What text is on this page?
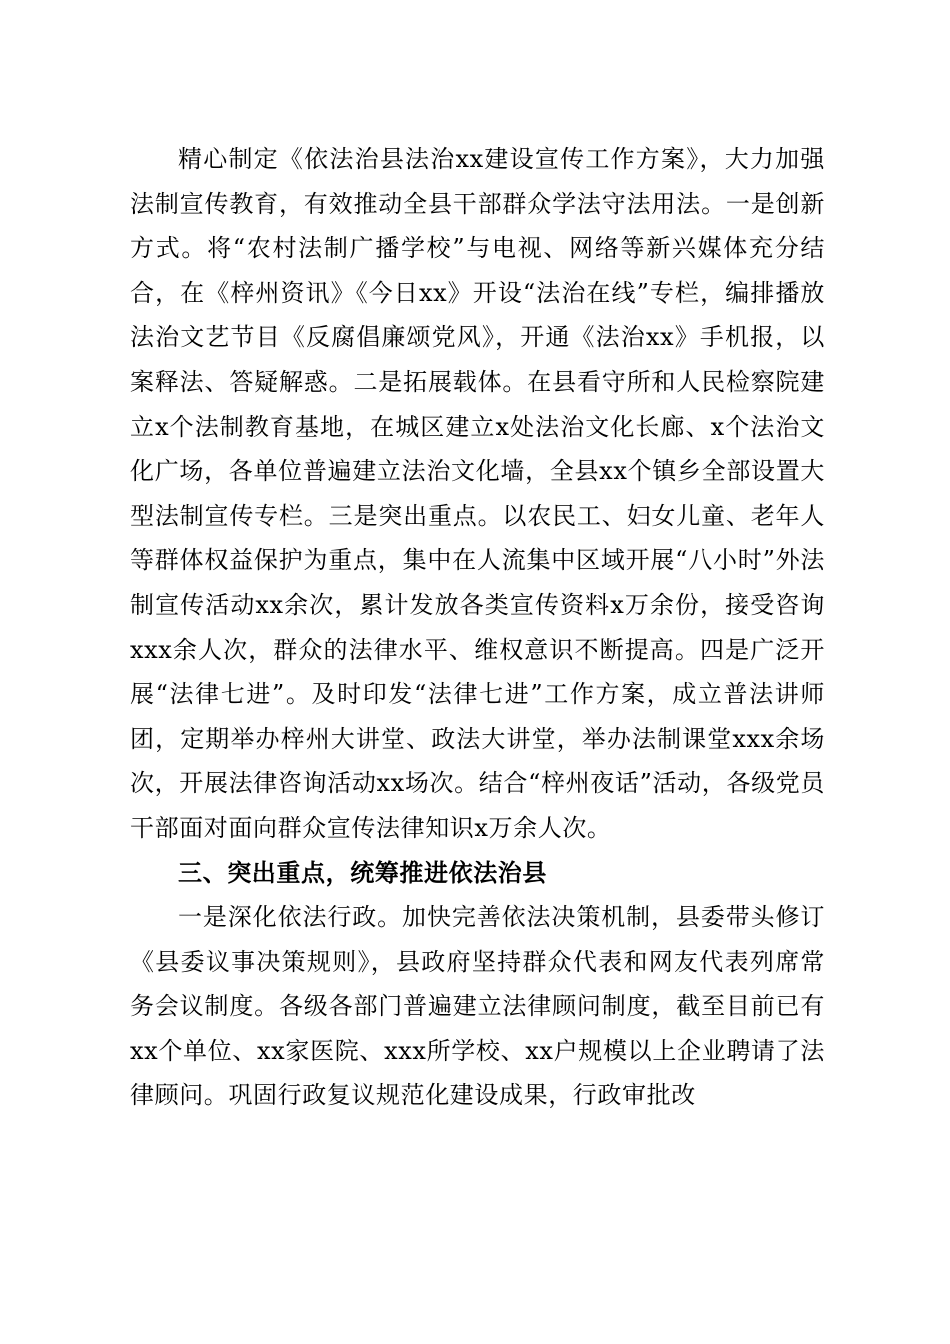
精心制定《依法治县法治xx建设宣传工作方案》，大力加强法制宣传教育，有效推动全县干部群众学法守法用法。一是创新方式。将“农村法制广播学校”与电视、网络等新兴媒体充分结合，在《梓州资讯》《今日xx》开设“法治在线”专栏，编排播放法治文艺节目《反腐倡廉颂党风》，开通《法治xx》手机报，以案释法、答疑解惑。二是拓展载体。在县看守所和人民检察院建立x个法制教育基地，在城区建立x处法治文化长廊、x个法治文化广场，各单位普遍建立法治文化墙，全县xx个镇乡全部设置大型法制宣传专栏。三是突出重点。以农民工、妇女儿童、老年人等群体权益保护为重点，集中在人流集中区域开展“八小时”外法制宣传活动xx余次，累计发放各类宣传资料x万余份，接受咨询xxx余人次，群众的法律水平、维权意识不断提高。四是广泛开展“法律七进”。及时印发“法律七进”工作方案，成立普法讲师团，定期举办梓州大讲堂、政法大讲堂，举办法制课堂xxx余场次，开展法律咨询活动xx场次。结合“梓州夜话”活动，各级党员干部面对面向群众宣传法律知识x万余人次。

三、突出重点，统筹推进依法治县

一是深化依法行政。加快完善依法决策机制，县委带头修订《县委议事决策规则》，县政府坚持群众代表和网友代表列席常务会议制度。各级各部门普遍建立法律顾问制度，截至目前已有xx个单位、xx家医院、xxx所学校、xx户规模以上企业聘请了法律顾问。巩固行政复议规范化建设成果，行政审批改
